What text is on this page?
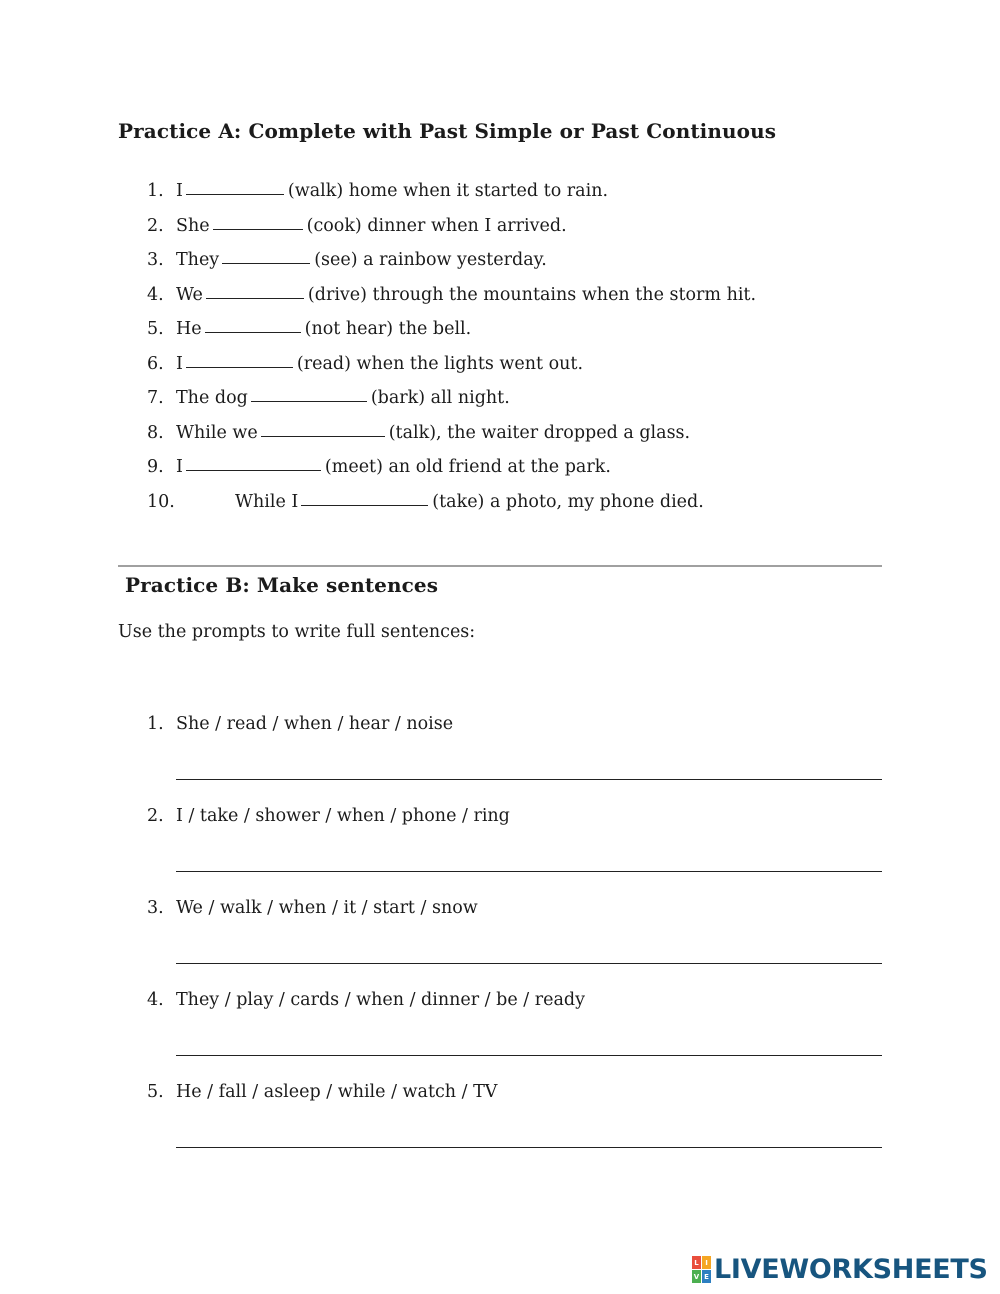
Practice A: Complete with Past Simple or Past Continuous
1. I	(walk) home when it started to rain.
2. She	(cook) dinner when I arrived.
3. They	(see) a rainbow yesterday.
4. We	(drive) through the mountains when the storm hit.
5. He	(not hear) the bell.
6. I	(read) when the lights went out.
7. The dog	(bark) all night.
8. While we	(talk), the waiter dropped a glass.
9. I	(meet) an old friend at the park.
10.	While I	(take) a photo, my phone died.
Practice B: Make sentences
Use the prompts to write full sentences:
1. She / read / when / hear / noise
2. I / take / shower / when / phone / ring
3. We / walk / when / it / start / snow
4. They / play / cards / when / dinner / be / ready
5. He / fall / asleep / while / watch / TV
L I
V E LIVEWORKSHEETS
